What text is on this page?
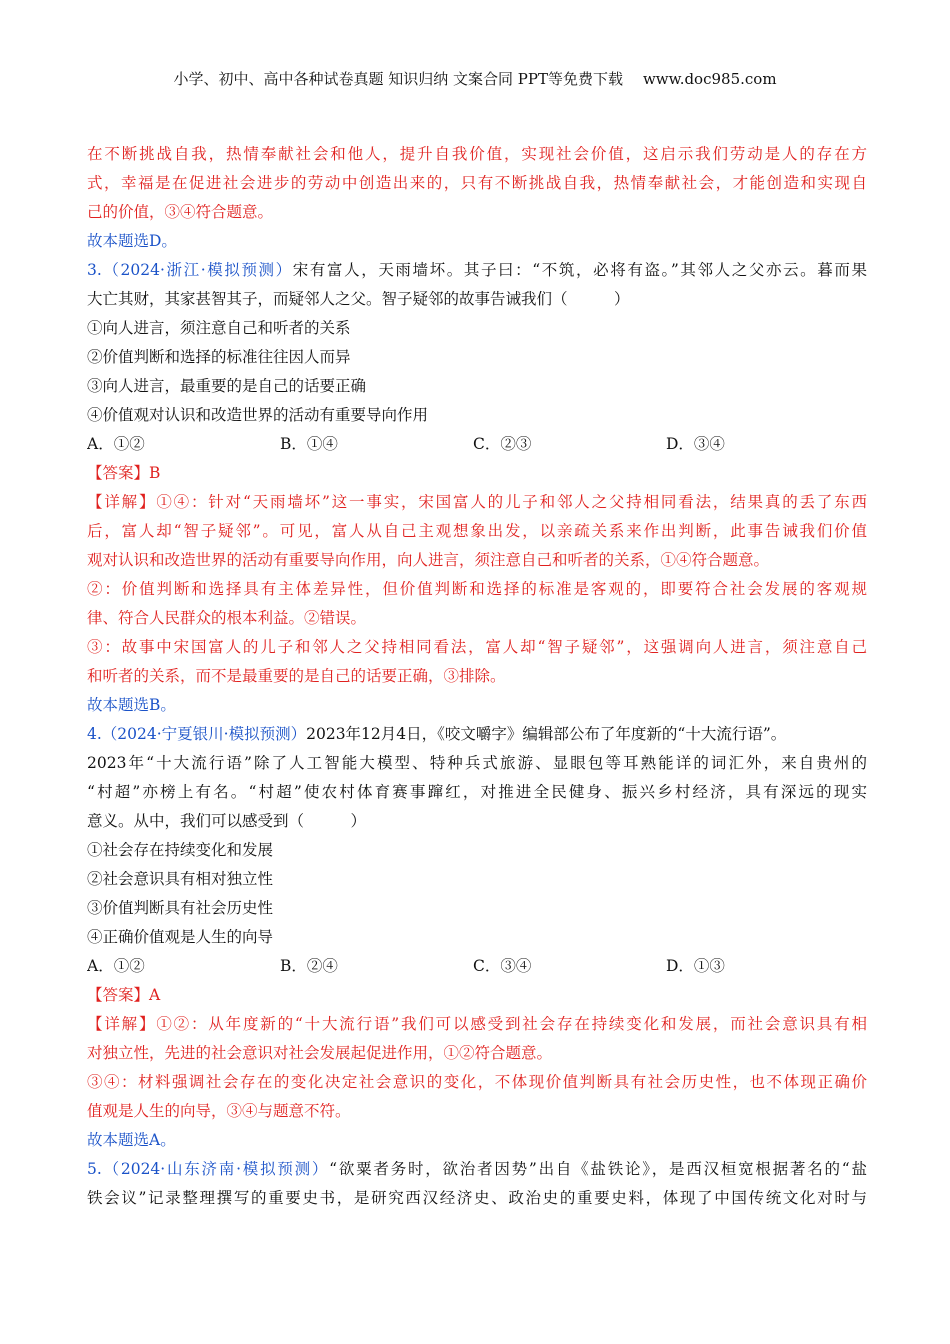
小学、初中、高中各种试卷真题 知识归纳 文案合同 PPT等免费下载 www.doc985.com
在不断挑战自我，热情奉献社会和他人，提升自我价值，实现社会价值，这启示我们劳动是人的存在方
式，幸福是在促进社会进步的劳动中创造出来的，只有不断挑战自我，热情奉献社会，才能创造和实现自
己的价值，③④符合题意。
故本题选D。
3.（2024·浙江·模拟预测）宋有富人，天雨墙坏。其子曰：“不筑，必将有盗。”其邻人之父亦云。暮而果
大亡其财，其家甚智其子，而疑邻人之父。智子疑邻的故事告诫我们（　　　）
①向人进言，须注意自己和听者的关系
②价值判断和选择的标准往往因人而异
③向人进言，最重要的是自己的话要正确
④价值观对认识和改造世界的活动有重要导向作用
A．①②	B．①④	C．②③	D．③④
【答案】B
【详解】①④：针对“天雨墙坏”这一事实，宋国富人的儿子和邻人之父持相同看法，结果真的丢了东西
后，富人却“智子疑邻”。可见，富人从自己主观想象出发，以亲疏关系来作出判断，此事告诫我们价值
观对认识和改造世界的活动有重要导向作用，向人进言，须注意自己和听者的关系，①④符合题意。
②：价值判断和选择具有主体差异性，但价值判断和选择的标准是客观的，即要符合社会发展的客观规
律、符合人民群众的根本利益。②错误。
③：故事中宋国富人的儿子和邻人之父持相同看法，富人却“智子疑邻”，这强调向人进言，须注意自己
和听者的关系，而不是最重要的是自己的话要正确，③排除。
故本题选B。
4.（2024·宁夏银川·模拟预测）2023年12月4日，《咬文嚼字》编辑部公布了年度新的“十大流行语”。
2023年“十大流行语”除了人工智能大模型、特种兵式旅游、显眼包等耳熟能详的词汇外，来自贵州的
“村超”亦榜上有名。“村超”使农村体育赛事蹿红，对推进全民健身、振兴乡村经济，具有深远的现实
意义。从中，我们可以感受到（　　　）
①社会存在持续变化和发展
②社会意识具有相对独立性
③价值判断具有社会历史性
④正确价值观是人生的向导
A．①②	B．②④	C．③④	D．①③
【答案】A
【详解】①②：从年度新的“十大流行语”我们可以感受到社会存在持续变化和发展，而社会意识具有相
对独立性，先进的社会意识对社会发展起促进作用，①②符合题意。
③④：材料强调社会存在的变化决定社会意识的变化，不体现价值判断具有社会历史性，也不体现正确价
值观是人生的向导，③④与题意不符。
故本题选A。
5.（2024·山东济南·模拟预测）“欲粟者务时，欲治者因势”出自《盐铁论》，是西汉桓宽根据著名的“盐
铁会议”记录整理撰写的重要史书，是研究西汉经济史、政治史的重要史料，体现了中国传统文化对时与
